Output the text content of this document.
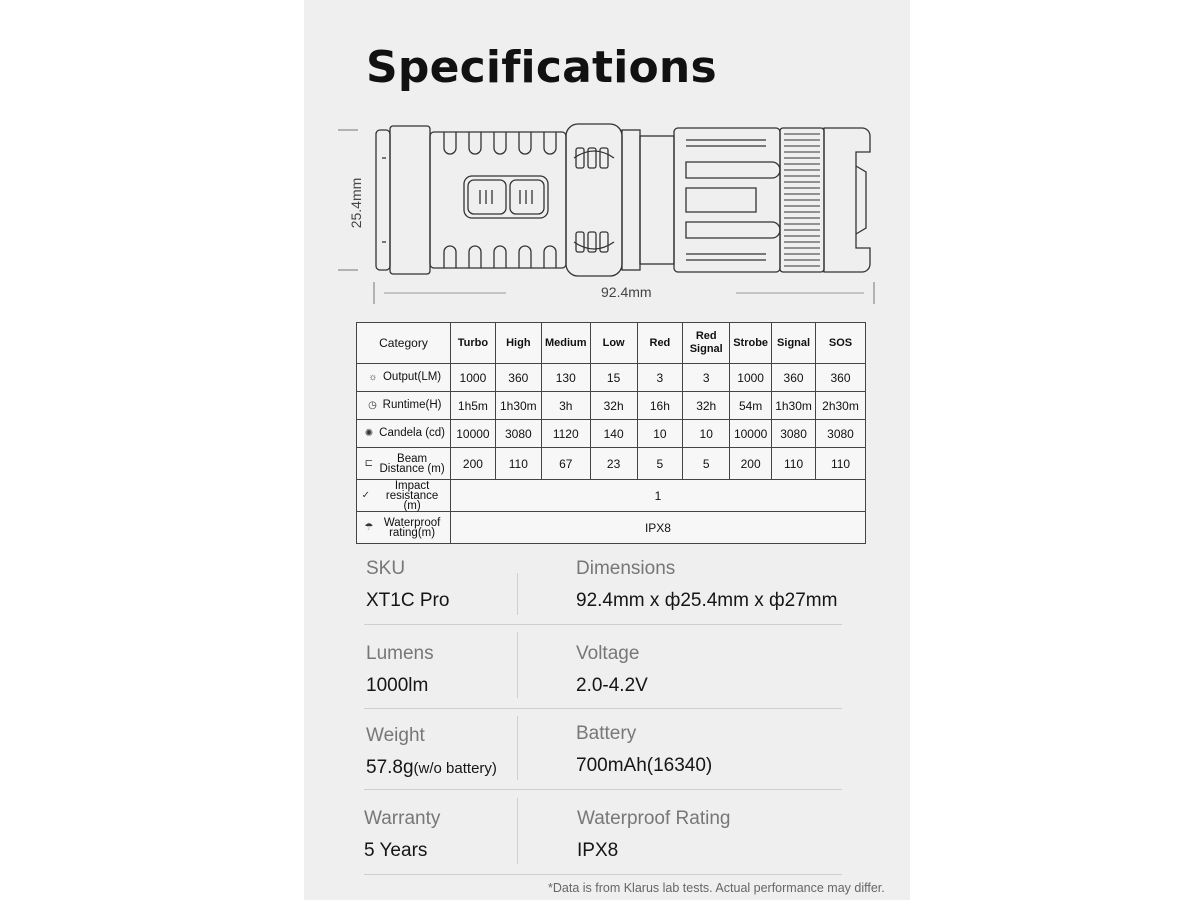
Specifications
92.4mm
25.4mm
Category	Turbo	High	Medium	Low	Red	Red Signal	Strobe	Signal	SOS
☼ Output(LM)	1000	360	130	15	3	3	1000	360	360
◷ Runtime(H)	1h5m	1h30m	3h	32h	16h	32h	54m	1h30m	2h30m
✺ Candela (cd)	10000	3080	1120	140	10	10	10000	3080	3080
⊏ Beam Distance (m)	200	110	67	23	5	5	200	110	110
✓ Impact resistance (m)	1								
☂ Waterproof rating(m)	IPX8								
SKU
XT1C Pro
Dimensions
92.4mm x ф25.4mm x ф27mm
Lumens
1000lm
Voltage
2.0-4.2V
Weight
57.8g(w/o battery)
Battery
700mAh(16340)
Warranty
5 Years
Waterproof Rating
IPX8
*Data is from Klarus lab tests. Actual performance may differ.
